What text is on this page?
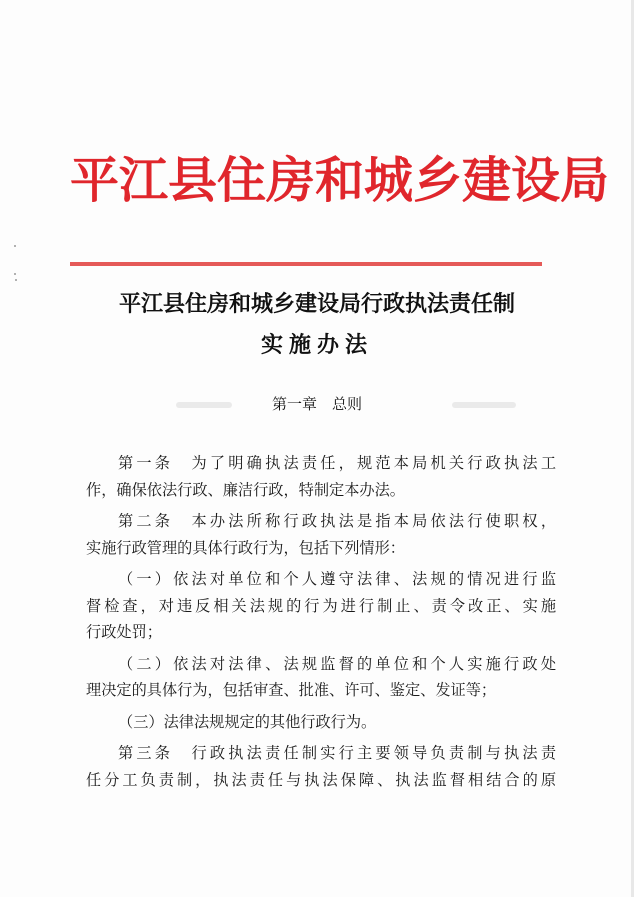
平江县住房和城乡建设局
平江县住房和城乡建设局行政执法责任制
实施办法
第一章　总则
第一条　为了明确执法责任，规范本局机关行政执法工
作，确保依法行政、廉洁行政，特制定本办法。
第二条　本办法所称行政执法是指本局依法行使职权，
实施行政管理的具体行政行为，包括下列情形：
（一）依法对单位和个人遵守法律、法规的情况进行监
督检查，对违反相关法规的行为进行制止、责令改正、实施
行政处罚；
（二）依法对法律、法规监督的单位和个人实施行政处
理决定的具体行为，包括审查、批准、许可、鉴定、发证等；
（三）法律法规规定的其他行政行为。
第三条　行政执法责任制实行主要领导负责制与执法责
任分工负责制，执法责任与执法保障、执法监督相结合的原
